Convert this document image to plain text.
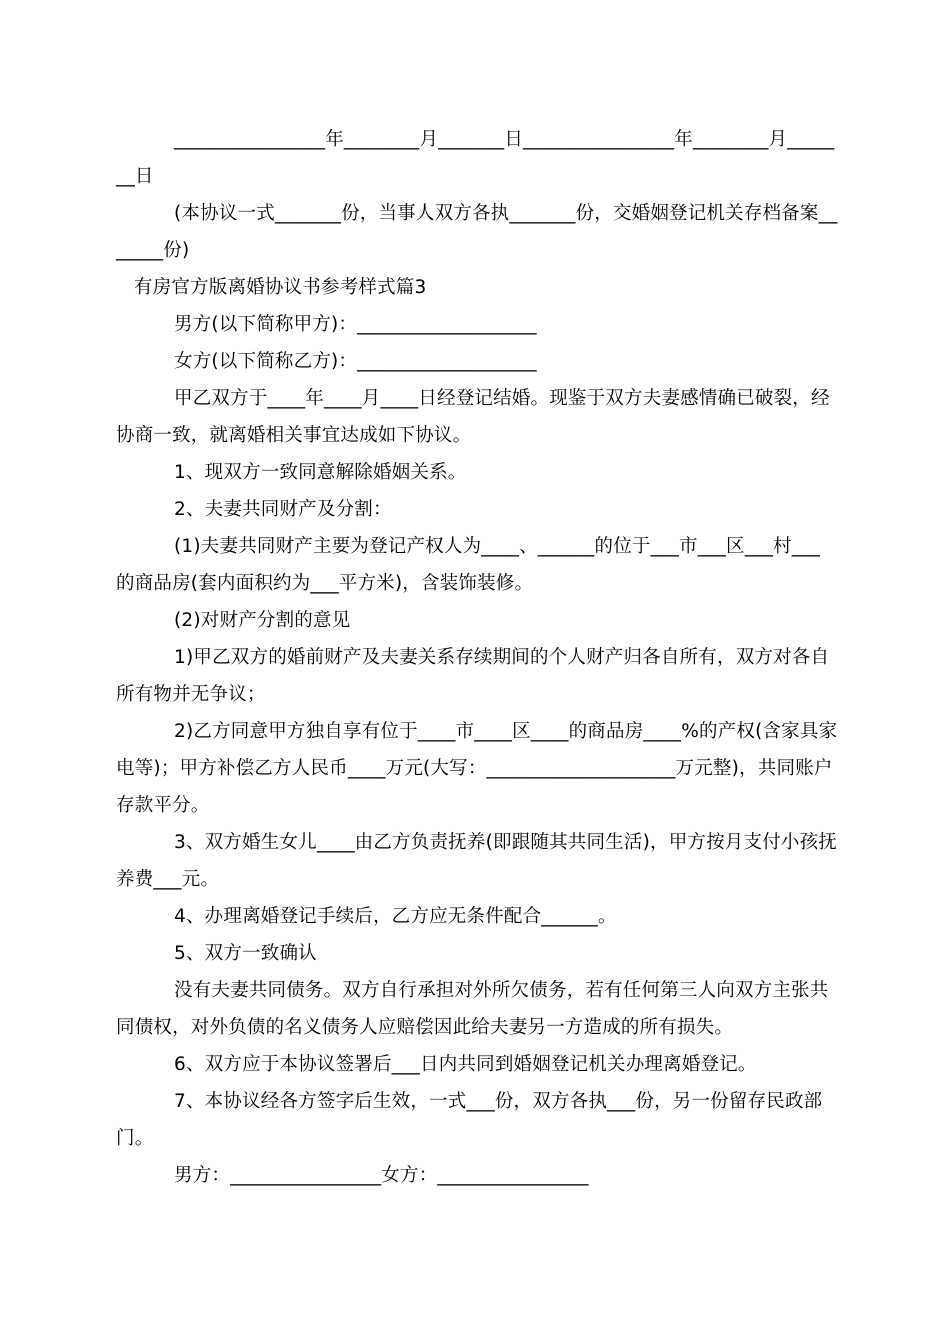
________________年________月_______日________________年________月_______日

(本协议一式_______份，当事人双方各执_______份，交婚姻登记机关存档备案_______份)

有房官方版离婚协议书参考样式篇3

男方(以下简称甲方)：___________________

女方(以下简称乙方)：___________________

甲乙双方于____年____月____日经登记结婚。现鉴于双方夫妻感情确已破裂，经协商一致，就离婚相关事宜达成如下协议。

1、现双方一致同意解除婚姻关系。

2、夫妻共同财产及分割：

(1)夫妻共同财产主要为登记产权人为____、______的位于___市___区___村___的商品房(套内面积约为___平方米)，含装饰装修。

(2)对财产分割的意见

1)甲乙双方的婚前财产及夫妻关系存续期间的个人财产归各自所有，双方对各自所有物并无争议；

2)乙方同意甲方独自享有位于____市____区____的商品房____%的产权(含家具家电等)；甲方补偿乙方人民币____万元(大写：____________________万元整)，共同账户存款平分。

3、双方婚生女儿____由乙方负责抚养(即跟随其共同生活)，甲方按月支付小孩抚养费___元。

4、办理离婚登记手续后，乙方应无条件配合______。

5、双方一致确认

没有夫妻共同债务。双方自行承担对外所欠债务，若有任何第三人向双方主张共同债权，对外负债的名义债务人应赔偿因此给夫妻另一方造成的所有损失。

6、双方应于本协议签署后___日内共同到婚姻登记机关办理离婚登记。

7、本协议经各方签字后生效，一式___份，双方各执___份，另一份留存民政部门。

男方：________________女方：________________
